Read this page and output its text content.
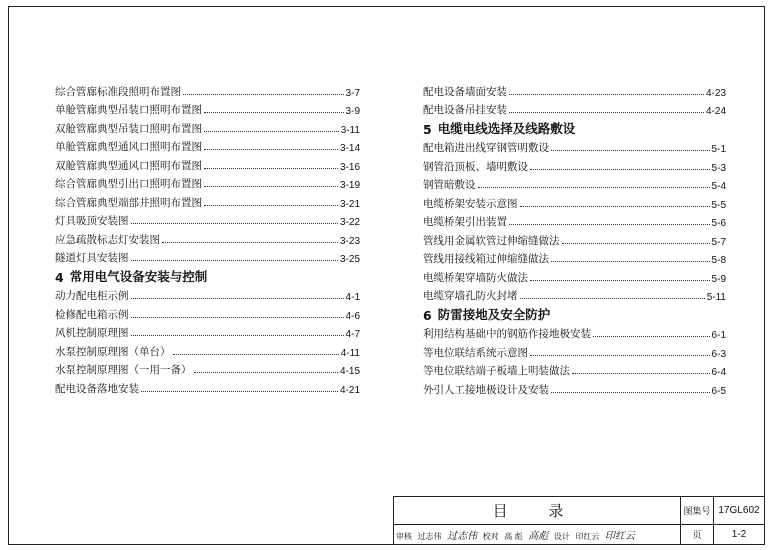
综合管廊标准段照明布置图	3-7
单舱管廊典型吊装口照明布置图	3-9
双舱管廊典型吊装口照明布置图	3-11
单舱管廊典型通风口照明布置图	3-14
双舱管廊典型通风口照明布置图	3-16
综合管廊典型引出口照明布置图	3-19
综合管廊典型端部井照明布置图	3-21
灯具吸顶安装图	3-22
应急疏散标志灯安装图	3-23
隧道灯具安装图	3-25
4 常用电气设备安装与控制
动力配电柜示例	4-1
检修配电箱示例	4-6
风机控制原理图	4-7
水泵控制原理图（单台）	4-11
水泵控制原理图（一用一备）	4-15
配电设备落地安装	4-21
配电设备墙面安装	4-23
配电设备吊挂安装	4-24
5 电缆电线选择及线路敷设
配电箱进出线穿钢管明敷设	5-1
钢管沿顶板、墙明敷设	5-3
钢管暗敷设	5-4
电缆桥架安装示意图	5-5
电缆桥架引出装置	5-6
管线用金属软管过伸缩缝做法	5-7
管线用接线箱过伸缩缝做法	5-8
电缆桥架穿墙防火做法	5-9
电缆穿墙孔防火封堵	5-11
6 防雷接地及安全防护
利用结构基础中的钢筋作接地极安装	6-1
等电位联结系统示意图	6-3
等电位联结端子板墙上明装做法	6-4
外引人工接地极设计及安装	6-5
目 录	图集号	17GL602
审核 过志伟 过志伟 校对 高 彪 高彪 设计 印红云 印红云	页	1-2
